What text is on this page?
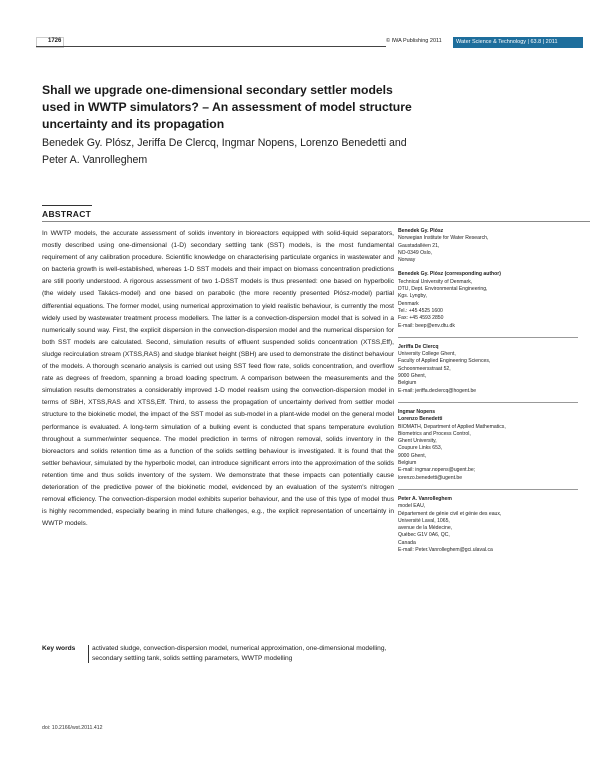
1726	© IWA Publishing 2011	Water Science & Technology | 63.8 | 2011
Shall we upgrade one-dimensional secondary settler models used in WWTP simulators? – An assessment of model structure uncertainty and its propagation
Benedek Gy. Plósz, Jeriffa De Clercq, Ingmar Nopens, Lorenzo Benedetti and Peter A. Vanrolleghem
ABSTRACT
In WWTP models, the accurate assessment of solids inventory in bioreactors equipped with solid-liquid separators, mostly described using one-dimensional (1-D) secondary settling tank (SST) models, is the most fundamental requirement of any calibration procedure. Scientific knowledge on characterising particulate organics in wastewater and on bacteria growth is well-established, whereas 1-D SST models and their impact on biomass concentration predictions are still poorly understood. A rigorous assessment of two 1-DSST models is thus presented: one based on hyperbolic (the widely used Takács-model) and one based on parabolic (the more recently presented Plósz-model) partial differential equations. The former model, using numerical approximation to yield realistic behaviour, is currently the most widely used by wastewater treatment process modellers. The latter is a convection-dispersion model that is solved in a numerically sound way. First, the explicit dispersion in the convection-dispersion model and the numerical dispersion for both SST models are calculated. Second, simulation results of effluent suspended solids concentration (XTSS,Eff), sludge recirculation stream (XTSS,RAS) and sludge blanket height (SBH) are used to demonstrate the distinct behaviour of the models. A thorough scenario analysis is carried out using SST feed flow rate, solids concentration, and overflow rate as degrees of freedom, spanning a broad loading spectrum. A comparison between the measurements and the simulation results demonstrates a considerably improved 1-D model realism using the convection-dispersion model in terms of SBH, XTSS,RAS and XTSS,Eff. Third, to assess the propagation of uncertainty derived from settler model structure to the biokinetic model, the impact of the SST model as sub-model in a plant-wide model on the general model performance is evaluated. A long-term simulation of a bulking event is conducted that spans temperature evolution throughout a summer/winter sequence. The model prediction in terms of nitrogen removal, solids inventory in the bioreactors and solids retention time as a function of the solids settling behaviour is investigated. It is found that the settler behaviour, simulated by the hyperbolic model, can introduce significant errors into the approximation of the solids retention time and thus solids inventory of the system. We demonstrate that these impacts can potentially cause deterioration of the predictive power of the biokinetic model, evidenced by an evaluation of the system's nitrogen removal efficiency. The convection-dispersion model exhibits superior behaviour, and the use of this type of model thus is highly recommended, especially bearing in mind future challenges, e.g., the explicit representation of uncertainty in WWTP models.
Key words	activated sludge, convection-dispersion model, numerical approximation, one-dimensional modelling, secondary settling tank, solids settling parameters, WWTP modelling
doi: 10.2166/wst.2011.412
Benedek Gy. Plósz
Norwegian Institute for Water Research,
Gaustadalléen 21,
NO-0349 Oslo,
Norway
Benedek Gy. Plósz (corresponding author)
Technical University of Denmark,
DTU, Dept. Environmental Engineering,
Kgs. Lyngby,
Denmark
Tel.: +45 4525 1600
Fax: +45 4593 2850
E-mail: beep@env.dtu.dk
Jeriffa De Clercq
University College Ghent,
Faculty of Applied Engineering Sciences,
Schoonmeersstraat 52,
9000 Ghent,
Belgium
E-mail: jeriffa.declercq@hogent.be
Ingmar Nopens
Lorenzo Benedetti
BIOMATH, Department of Applied Mathematics,
Biometrics and Process Control,
Ghent University,
Coupure Links 653,
9000 Ghent,
Belgium
E-mail: ingmar.nopens@ugent.be;
lorenzo.benedetti@ugent.be
Peter A. Vanrolleghem
model EAU,
Département de génie civil et génie des eaux,
Université Laval, 1065,
avenue de la Médecine,
Québec G1V 0A6, QC,
Canada
E-mail: Peter.Vanrolleghem@gci.ulaval.ca
